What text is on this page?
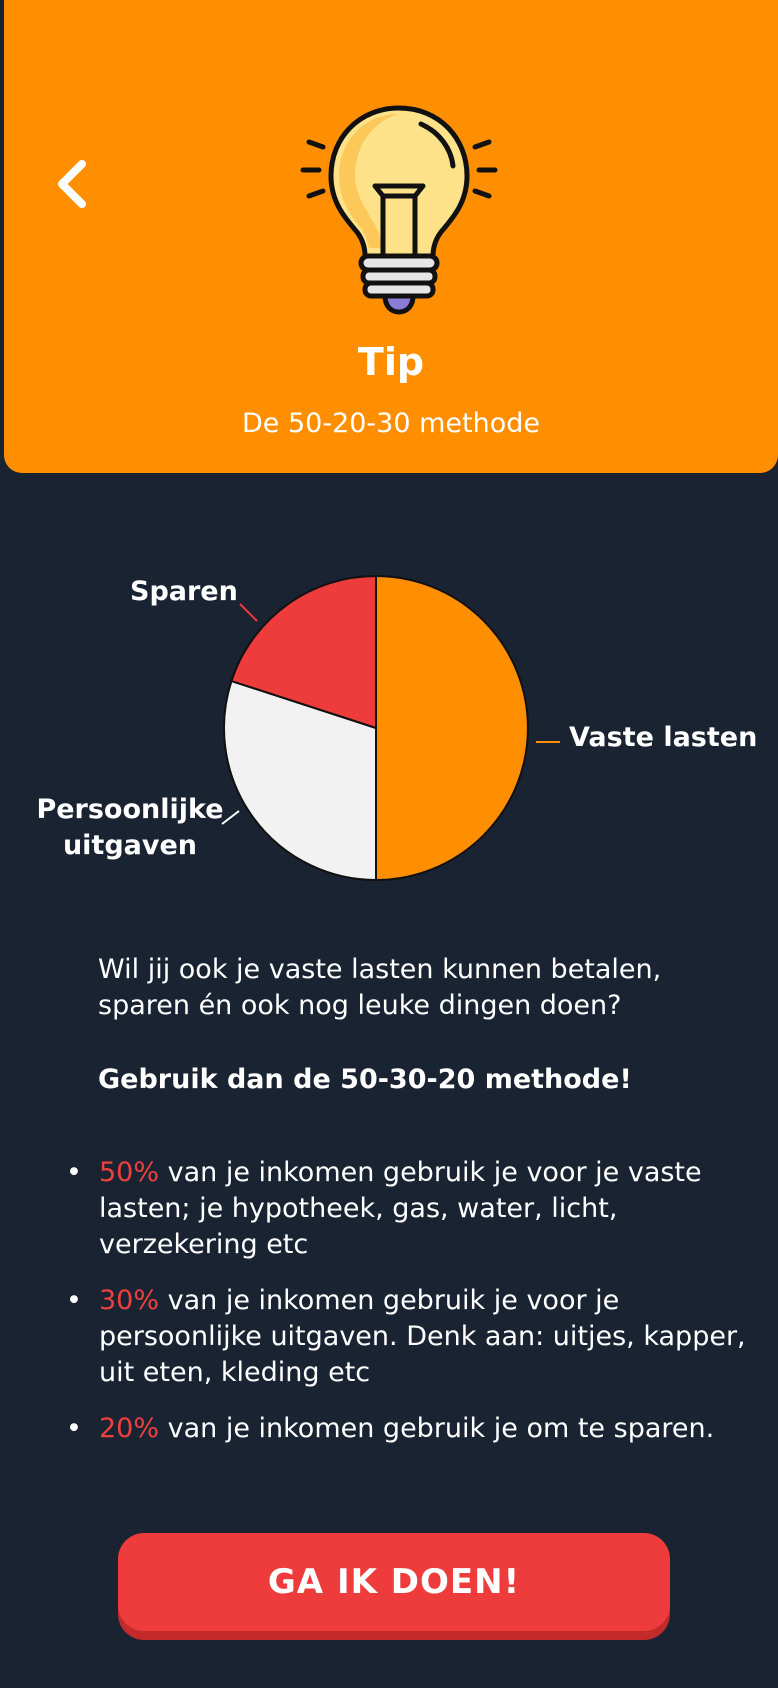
Tip
De 50-20-30 methode
Sparen
Vaste lasten
Persoonlijke
uitgaven
Wil jij ook je vaste lasten kunnen betalen, sparen én ook nog leuke dingen doen?
Gebruik dan de 50-30-20 methode!
• 50% van je inkomen gebruik je voor je vaste lasten; je hypotheek, gas, water, licht, verzekering etc
• 30% van je inkomen gebruik je voor je persoonlijke uitgaven. Denk aan: uitjes, kapper, uit eten, kleding etc
• 20% van je inkomen gebruik je om te sparen.
GA IK DOEN!
